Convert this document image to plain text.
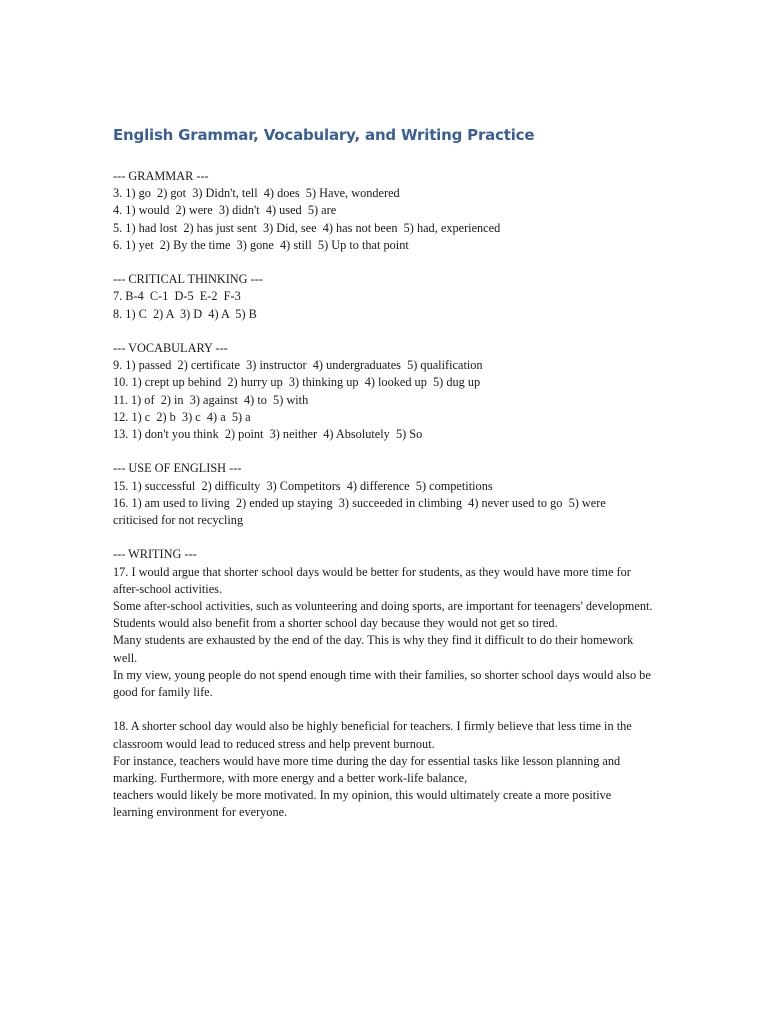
English Grammar, Vocabulary, and Writing Practice
--- GRAMMAR ---
3. 1) go  2) got  3) Didn't, tell  4) does  5) Have, wondered
4. 1) would  2) were  3) didn't  4) used  5) are
5. 1) had lost  2) has just sent  3) Did, see  4) has not been  5) had, experienced
6. 1) yet  2) By the time  3) gone  4) still  5) Up to that point
--- CRITICAL THINKING ---
7. B-4  C-1  D-5  E-2  F-3
8. 1) C  2) A  3) D  4) A  5) B
--- VOCABULARY ---
9. 1) passed  2) certificate  3) instructor  4) undergraduates  5) qualification
10. 1) crept up behind  2) hurry up  3) thinking up  4) looked up  5) dug up
11. 1) of  2) in  3) against  4) to  5) with
12. 1) c  2) b  3) c  4) a  5) a
13. 1) don't you think  2) point  3) neither  4) Absolutely  5) So
--- USE OF ENGLISH ---
15. 1) successful  2) difficulty  3) Competitors  4) difference  5) competitions
16. 1) am used to living  2) ended up staying  3) succeeded in climbing  4) never used to go  5) were criticised for not recycling
--- WRITING ---
17. I would argue that shorter school days would be better for students, as they would have more time for after-school activities.
Some after-school activities, such as volunteering and doing sports, are important for teenagers' development.
Students would also benefit from a shorter school day because they would not get so tired.
Many students are exhausted by the end of the day. This is why they find it difficult to do their homework well.
In my view, young people do not spend enough time with their families, so shorter school days would also be good for family life.
18. A shorter school day would also be highly beneficial for teachers. I firmly believe that less time in the classroom would lead to reduced stress and help prevent burnout.
For instance, teachers would have more time during the day for essential tasks like lesson planning and marking. Furthermore, with more energy and a better work-life balance,
teachers would likely be more motivated. In my opinion, this would ultimately create a more positive learning environment for everyone.
